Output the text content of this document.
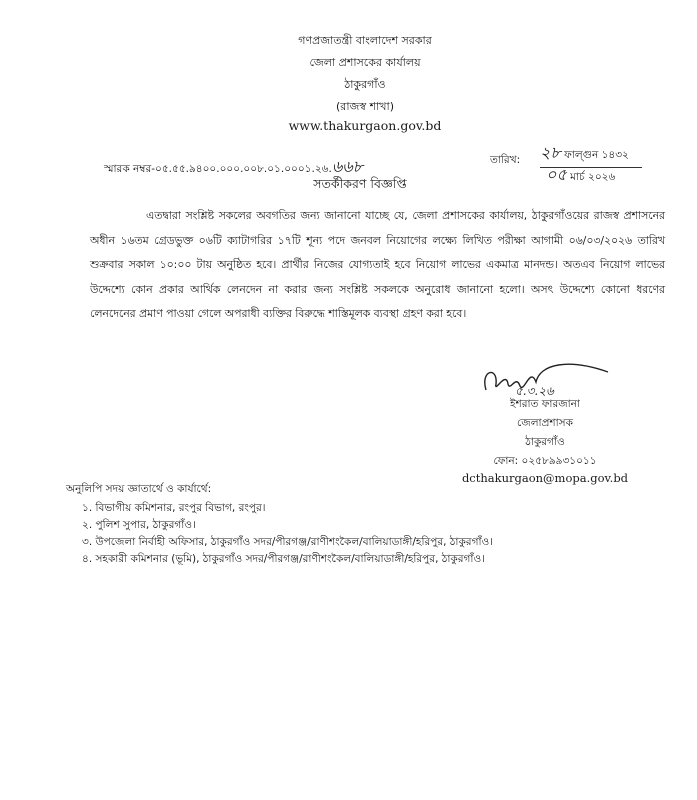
গণপ্রজাতন্ত্রী বাংলাদেশ সরকার
জেলা প্রশাসকের কার্যালয়
ঠাকুরগাঁও
(রাজস্ব শাখা)
www.thakurgaon.gov.bd
স্মারক নম্বর-০৫.৫৫.৯৪০০.০০০.০০৮.০১.০০০১.২৬.৬৬৮	তারিখ: ২৮ ফাল্গুন ১৪৩২
০৫ মার্চ ২০২৬
সতর্কীকরণ বিজ্ঞপ্তি
এতদ্বারা সংশ্লিষ্ট সকলের অবগতির জন্য জানানো যাচ্ছে যে, জেলা প্রশাসকের কার্যালয়, ঠাকুরগাঁওয়ের রাজস্ব প্রশাসনের অধীন ১৬তম গ্রেডভুক্ত ০৬টি ক্যাটাগরির ১৭টি শূন্য পদে জনবল নিয়োগের লক্ষ্যে লিখিত পরীক্ষা আগামী ০৬/০৩/২০২৬ তারিখ শুক্রবার সকাল ১০:০০ টায় অনুষ্ঠিত হবে। প্রার্থীর নিজের যোগ্যতাই হবে নিয়োগ লাভের একমাত্র মানদন্ড। অতএব নিয়োগ লাভের উদ্দেশ্যে কোন প্রকার আর্থিক লেনদেন না করার জন্য সংশ্লিষ্ট সকলকে অনুরোধ জানানো হলো। অসৎ উদ্দেশ্যে কোনো ধরণের লেনদেনের প্রমাণ পাওয়া গেলে অপরাধী ব্যক্তির বিরুদ্ধে শাস্তিমূলক ব্যবস্থা গ্রহণ করা হবে।
৫.৩.২৬
ইশরাত ফারজানা
জেলাপ্রশাসক
ঠাকুরগাঁও
ফোন: ০২৫৮৯৯৩১০১১
dcthakurgaon@mopa.gov.bd
অনুলিপি সদয় জ্ঞাতার্থে ও কার্যার্থে:
১. বিভাগীয় কমিশনার, রংপুর বিভাগ, রংপুর।
২. পুলিশ সুপার, ঠাকুরগাঁও।
৩. উপজেলা নির্বাহী অফিসার, ঠাকুরগাঁও সদর/পীরগঞ্জ/রাণীশংকৈল/বালিয়াডাঙ্গী/হরিপুর, ঠাকুরগাঁও।
৪. সহকারী কমিশনার (ভূমি), ঠাকুরগাঁও সদর/পীরগঞ্জ/রাণীশংকৈল/বালিয়াডাঙ্গী/হরিপুর, ঠাকুরগাঁও।
